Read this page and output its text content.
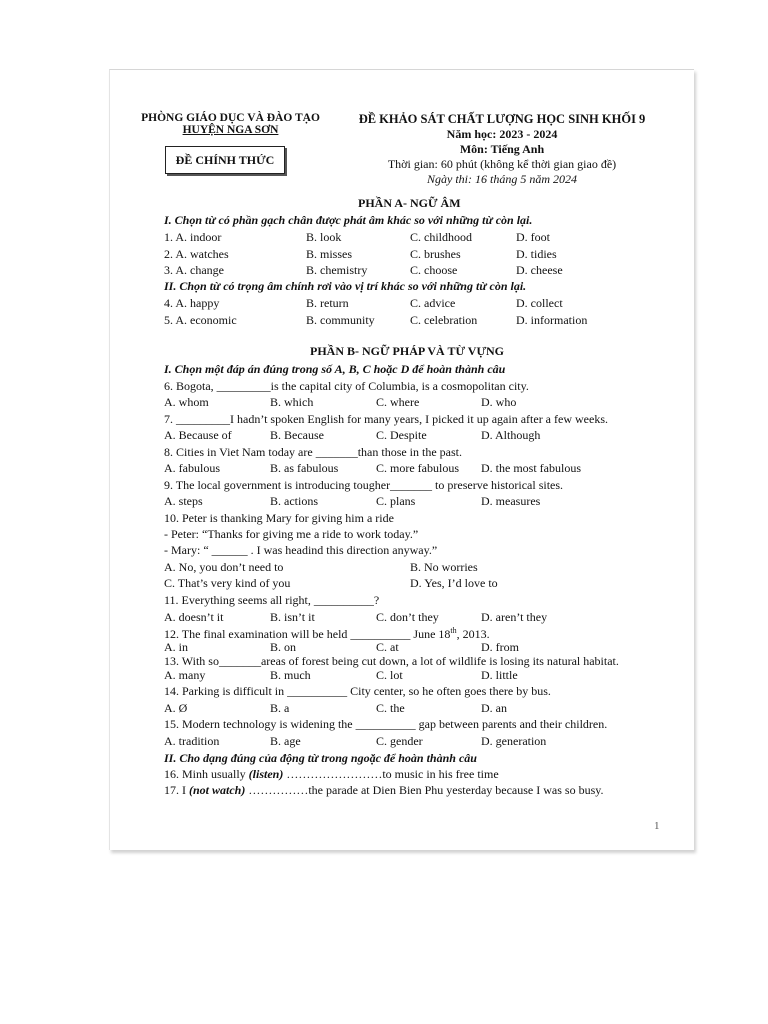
PHÒNG GIÁO DỤC VÀ ĐÀO TẠO
HUYỆN NGA SƠN
ĐỀ CHÍNH THỨC
ĐỀ KHẢO SÁT CHẤT LƯỢNG HỌC SINH KHỐI 9
Năm học: 2023 - 2024
Môn: Tiếng Anh
Thời gian: 60 phút (không kể thời gian giao đề)
Ngày thi: 16 tháng 5 năm 2024
PHẦN A- NGỮ ÂM
I. Chọn từ có phần gạch chân được phát âm khác so với những từ còn lại.
1. A. indoor	B. look	C. childhood	D. foot
2. A. watches	B. misses	C. brushes	D. tidies
3. A. change	B. chemistry	C. choose	D. cheese
II. Chọn từ có trọng âm chính rơi vào vị trí khác so với những từ còn lại.
4. A. happy	B. return	C. advice	D. collect
5. A. economic	B. community	C. celebration	D. information
PHẦN B- NGỮ PHÁP VÀ TỪ VỰNG
I. Chọn một đáp án đúng trong số A, B, C hoặc D để hoàn thành câu
6. Bogota, _________is the capital city of Columbia, is a cosmopolitan city.
A. whom	B. which	C. where	D. who
7. _________I hadn’t spoken English for many years, I picked it up again after a few weeks.
A. Because of	B. Because	C. Despite	D. Although
8. Cities in Viet Nam today are _______than those in the past.
A. fabulous	B. as fabulous	C. more fabulous D. the most fabulous
9. The local government is introducing tougher_______ to preserve historical sites.
A. steps	B. actions	C. plans	D. measures
10. Peter is thanking Mary for giving him a ride
- Peter: “Thanks for giving me a ride to work today.”
- Mary: “ ______ . I was headind this direction anyway.”
A. No, you don’t need to	B. No worries
C. That’s very kind of you	D. Yes, I’d love to
11. Everything seems all right, __________?
A. doesn’t it	B. isn’t it	C. don’t they	D. aren’t they
12. The final examination will be held __________ June 18th, 2013.
A. in	B. on	C. at	D. from
13. With so_______areas of forest being cut down, a lot of wildlife is losing its natural habitat.
A. many	B. much	C. lot	D. little
14. Parking is difficult in __________ City center, so he often goes there by bus.
A. Ø	B. a	C. the	D. an
15. Modern technology is widening the __________ gap between parents and their children.
A. tradition	B. age	C. gender	D. generation
II. Cho dạng đúng của động từ trong ngoặc để hoàn thành câu
16. Minh usually (listen) ……………………to music in his free time
17. I (not watch) ……………the parade at Dien Bien Phu yesterday because I was so busy.
1
